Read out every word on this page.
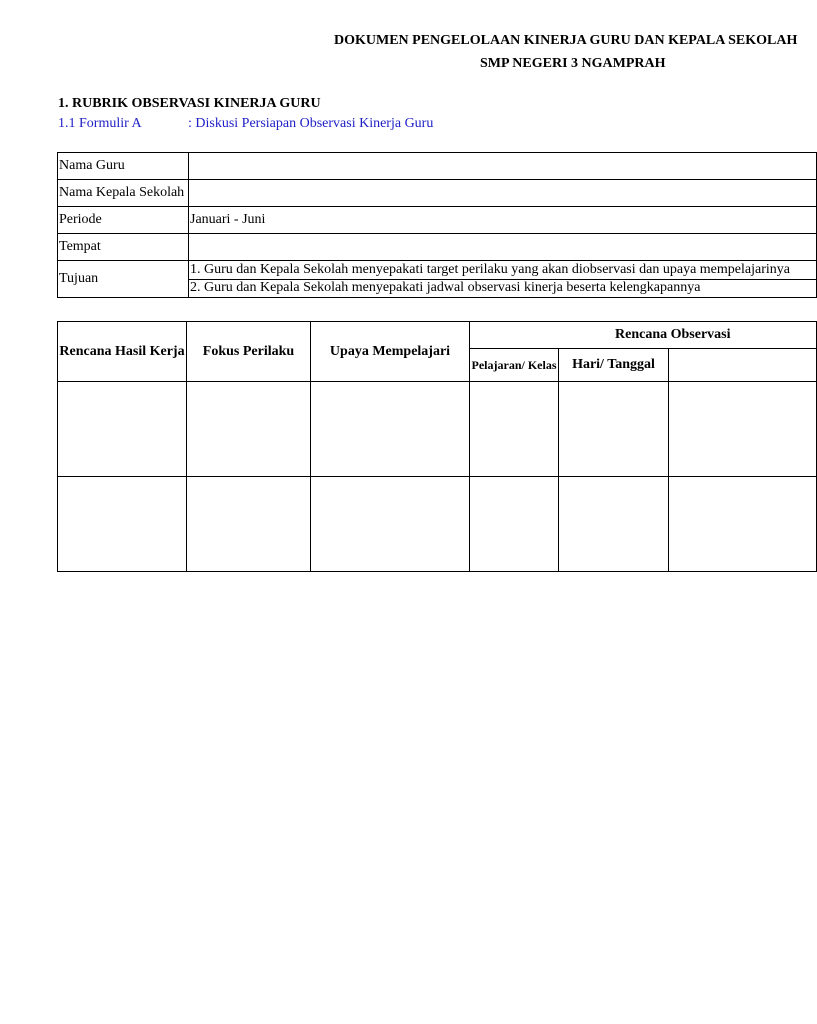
DOKUMEN PENGELOLAAN KINERJA GURU DAN KEPALA SEKOLAH
SMP NEGERI 3 NGAMPRAH
1. RUBRIK OBSERVASI KINERJA GURU
1.1 Formulir A	: Diskusi Persiapan Observasi Kinerja Guru
Nama Guru	
Nama Kepala Sekolah	
Periode	Januari - Juni
Tempat	
Tujuan	1. Guru dan Kepala Sekolah menyepakati target perilaku yang akan diobservasi dan upaya mempelajarinya
	2. Guru dan Kepala Sekolah menyepakati jadwal observasi kinerja beserta kelengkapannya
Rencana Hasil Kerja	Fokus Perilaku	Upaya Mempelajari	Rencana Observasi		
			Pelajaran/ Kelas	Hari/ Tanggal	
